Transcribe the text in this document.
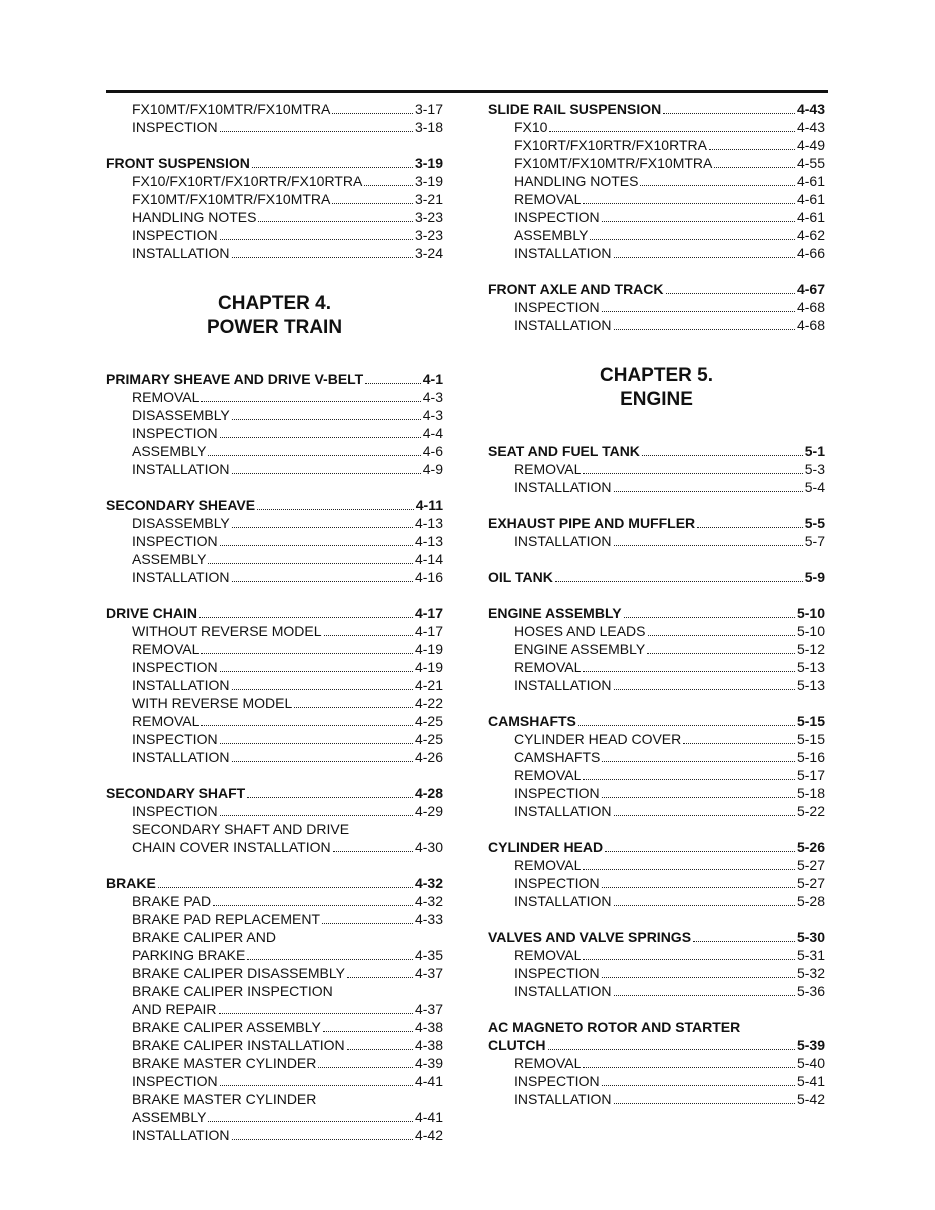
FX10MT/FX10MTR/FX10MTRA	3-17
INSPECTION	3-18
FRONT SUSPENSION	3-19
FX10/FX10RT/FX10RTR/FX10RTRA	3-19
FX10MT/FX10MTR/FX10MTRA	3-21
HANDLING NOTES	3-23
INSPECTION	3-23
INSTALLATION	3-24
CHAPTER 4.
POWER TRAIN
PRIMARY SHEAVE AND DRIVE V-BELT	4-1
REMOVAL	4-3
DISASSEMBLY	4-3
INSPECTION	4-4
ASSEMBLY	4-6
INSTALLATION	4-9
SECONDARY SHEAVE	4-11
DISASSEMBLY	4-13
INSPECTION	4-13
ASSEMBLY	4-14
INSTALLATION	4-16
DRIVE CHAIN	4-17
WITHOUT REVERSE MODEL	4-17
REMOVAL	4-19
INSPECTION	4-19
INSTALLATION	4-21
WITH REVERSE MODEL	4-22
REMOVAL	4-25
INSPECTION	4-25
INSTALLATION	4-26
SECONDARY SHAFT	4-28
INSPECTION	4-29
SECONDARY SHAFT AND DRIVE
CHAIN COVER INSTALLATION	4-30
BRAKE	4-32
BRAKE PAD	4-32
BRAKE PAD REPLACEMENT	4-33
BRAKE CALIPER AND
PARKING BRAKE	4-35
BRAKE CALIPER DISASSEMBLY	4-37
BRAKE CALIPER INSPECTION
AND REPAIR	4-37
BRAKE CALIPER ASSEMBLY	4-38
BRAKE CALIPER INSTALLATION	4-38
BRAKE MASTER CYLINDER	4-39
INSPECTION	4-41
BRAKE MASTER CYLINDER
ASSEMBLY	4-41
INSTALLATION	4-42
SLIDE RAIL SUSPENSION	4-43
FX10	4-43
FX10RT/FX10RTR/FX10RTRA	4-49
FX10MT/FX10MTR/FX10MTRA	4-55
HANDLING NOTES	4-61
REMOVAL	4-61
INSPECTION	4-61
ASSEMBLY	4-62
INSTALLATION	4-66
FRONT AXLE AND TRACK	4-67
INSPECTION	4-68
INSTALLATION	4-68
CHAPTER 5.
ENGINE
SEAT AND FUEL TANK	5-1
REMOVAL	5-3
INSTALLATION	5-4
EXHAUST PIPE AND MUFFLER	5-5
INSTALLATION	5-7
OIL TANK	5-9
ENGINE ASSEMBLY	5-10
HOSES AND LEADS	5-10
ENGINE ASSEMBLY	5-12
REMOVAL	5-13
INSTALLATION	5-13
CAMSHAFTS	5-15
CYLINDER HEAD COVER	5-15
CAMSHAFTS	5-16
REMOVAL	5-17
INSPECTION	5-18
INSTALLATION	5-22
CYLINDER HEAD	5-26
REMOVAL	5-27
INSPECTION	5-27
INSTALLATION	5-28
VALVES AND VALVE SPRINGS	5-30
REMOVAL	5-31
INSPECTION	5-32
INSTALLATION	5-36
AC MAGNETO ROTOR AND STARTER
CLUTCH	5-39
REMOVAL	5-40
INSPECTION	5-41
INSTALLATION	5-42
